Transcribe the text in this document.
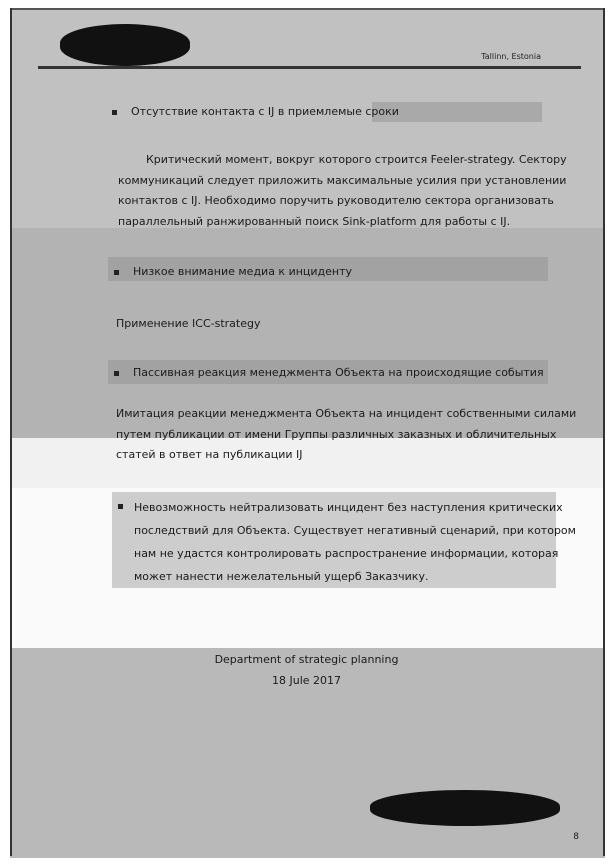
Tallinn, Estonia
Отсутствие контакта с IJ в приемлемые сроки
Критический момент, вокруг которого строится Feeler-strategy. Сектору
коммуникаций следует приложить максимальные усилия при установлении
контактов с IJ. Необходимо поручить руководителю сектора организовать
параллельный ранжированный поиск Sink-platform для работы с IJ.
Низкое внимание медиа к инциденту
Применение ICC-strategy
Пассивная реакция менеджмента Объекта на происходящие события
Имитация реакции менеджмента Объекта на инцидент собственными силами
путем публикации от имени Группы различных заказных и обличительных
статей в ответ на публикации IJ
Невозможность нейтрализовать инцидент без наступления критических
последствий для Объекта. Существует негативный сценарий, при котором
нам не удастся контролировать распространение информации, которая
может нанести нежелательный ущерб Заказчику.
Department of strategic planning
18 Jule 2017
8
